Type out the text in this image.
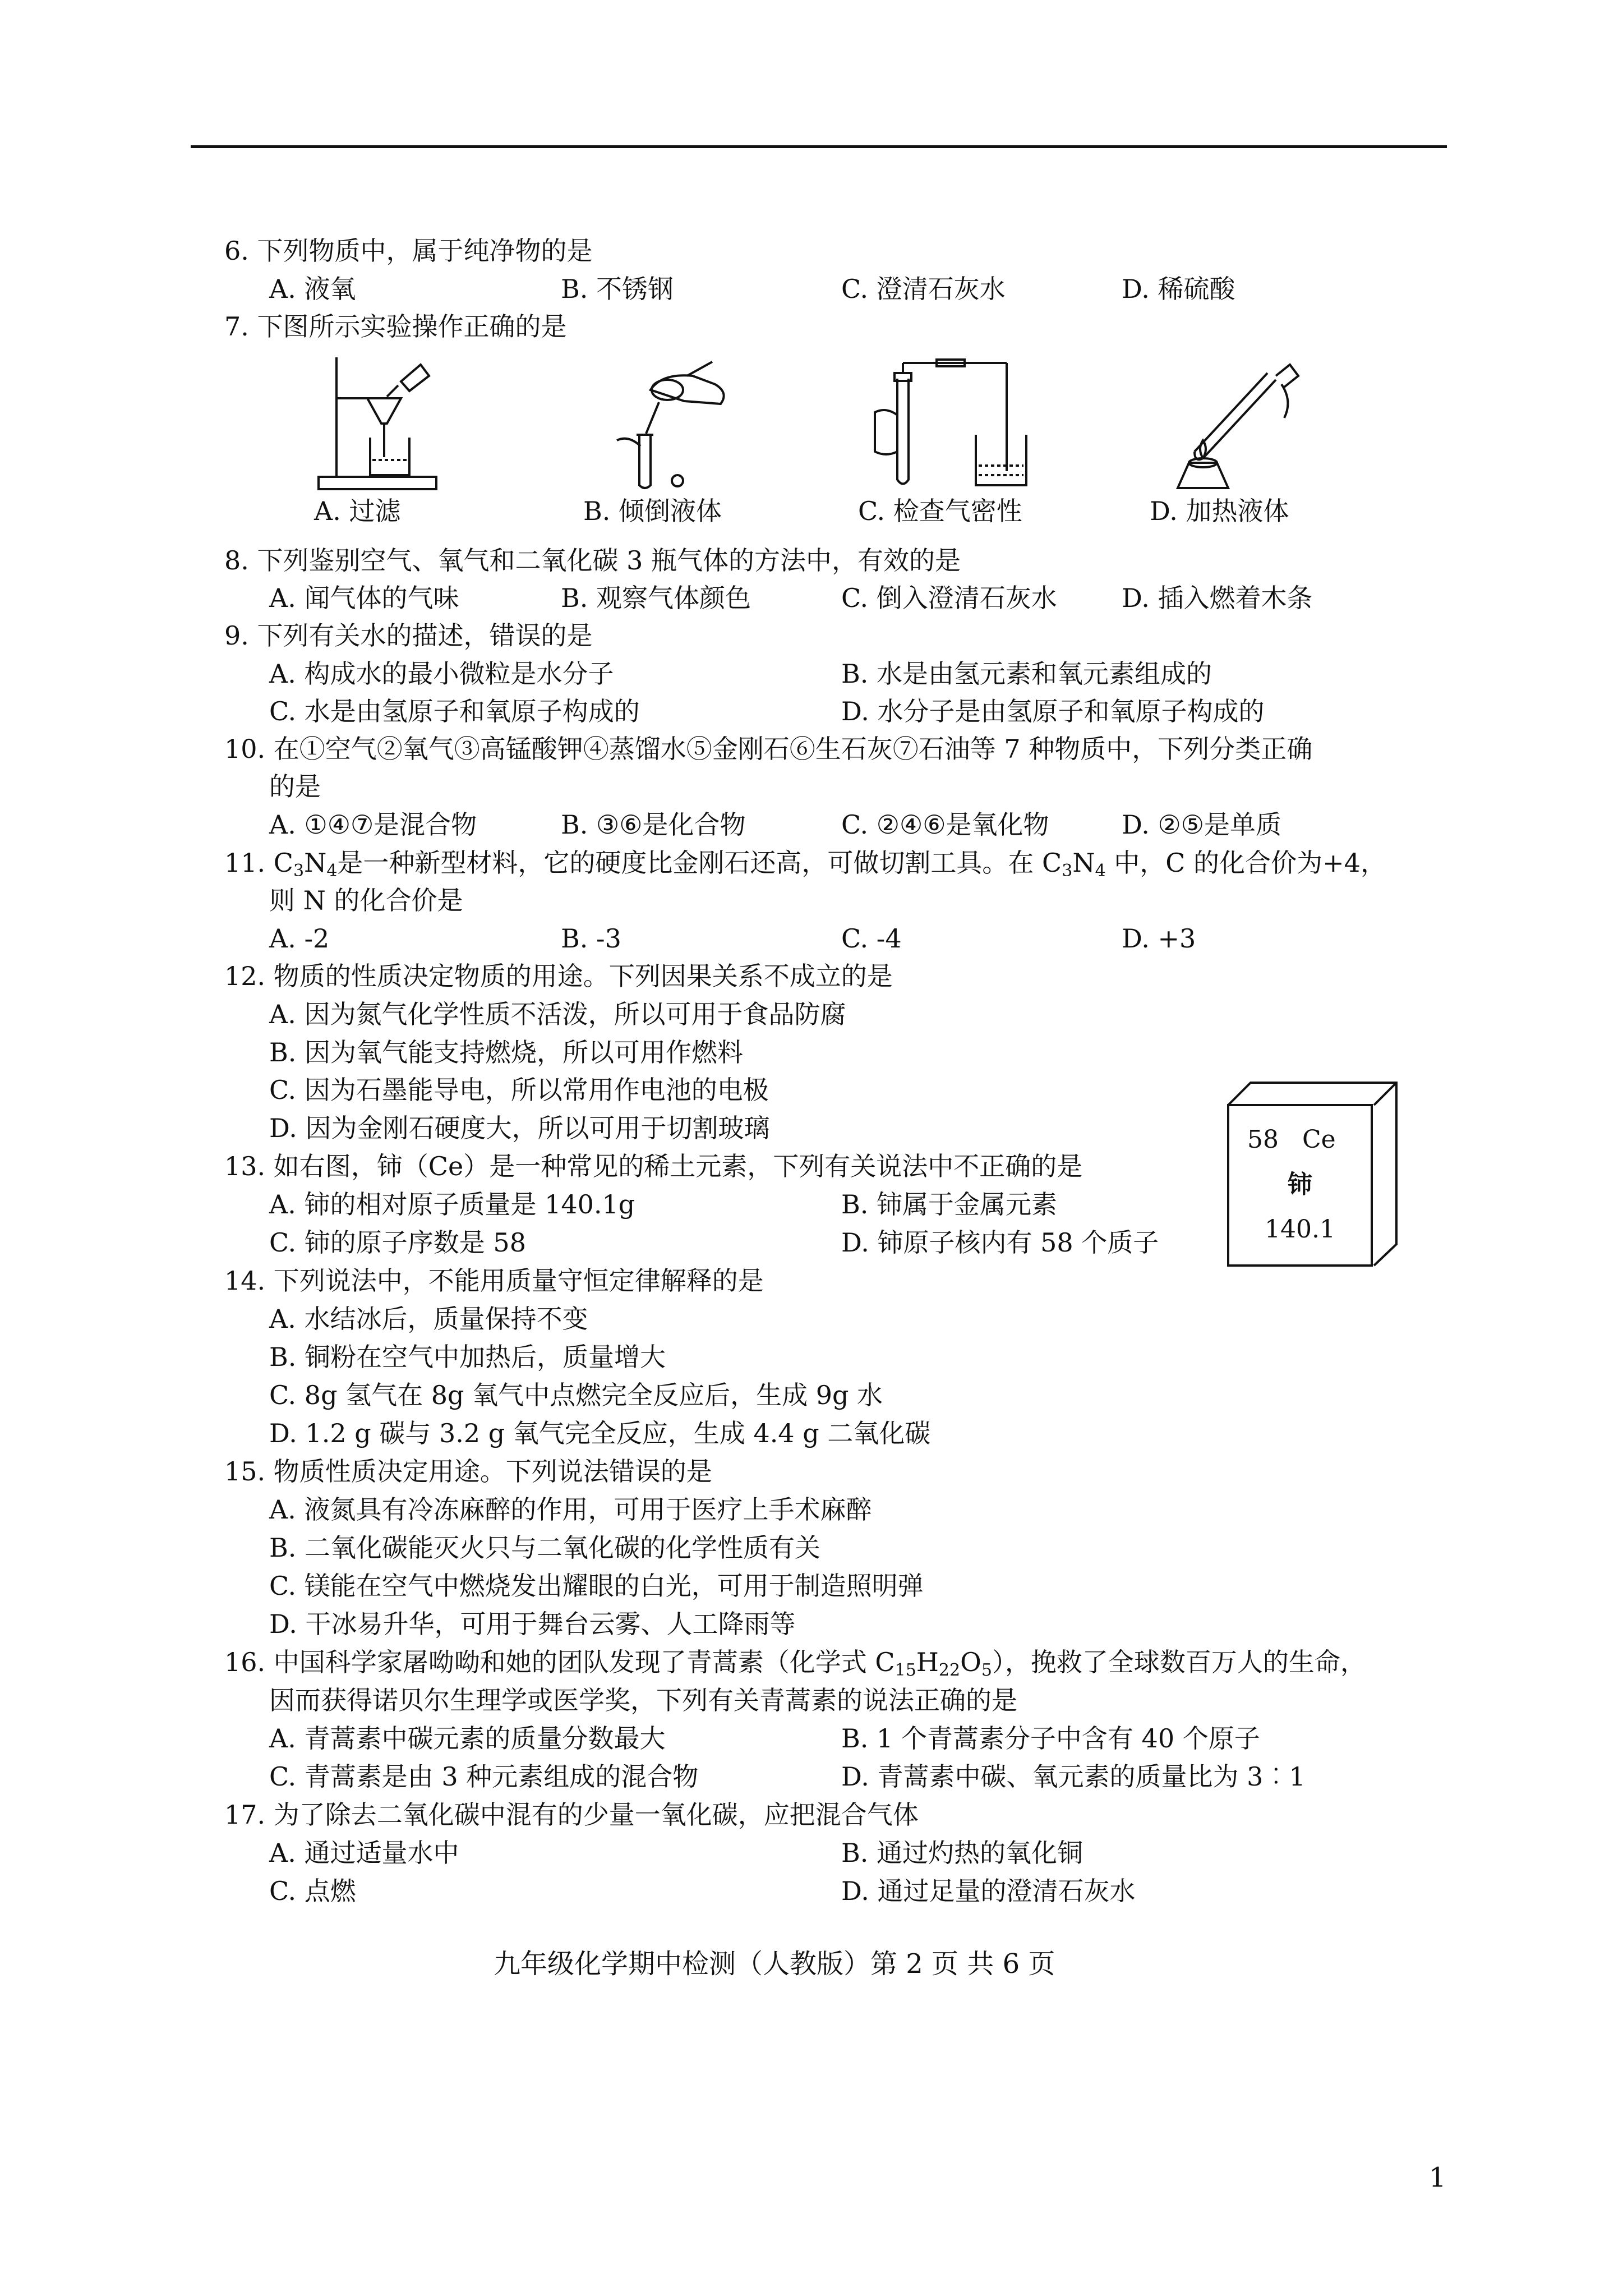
6. 下列物质中，属于纯净物的是
A. 液氧	B. 不锈钢	C. 澄清石灰水	D. 稀硫酸
7. 下图所示实验操作正确的是
A. 过滤	B. 倾倒液体	C. 检查气密性	D. 加热液体
8. 下列鉴别空气、氧气和二氧化碳 3 瓶气体的方法中，有效的是
A. 闻气体的气味	B. 观察气体颜色	C. 倒入澄清石灰水	D. 插入燃着木条
9. 下列有关水的描述，错误的是
A. 构成水的最小微粒是水分子	B. 水是由氢元素和氧元素组成的
C. 水是由氢原子和氧原子构成的	D. 水分子是由氢原子和氧原子构成的
10. 在①空气②氧气③高锰酸钾④蒸馏水⑤金刚石⑥生石灰⑦石油等 7 种物质中，下列分类正确
的是
A. ①④⑦是混合物	B. ③⑥是化合物	C. ②④⑥是氧化物	D. ②⑤是单质
11. $C_3N_4$是一种新型材料，它的硬度比金刚石还高，可做切割工具。在 $C_3N_4$ 中，C 的化合价为+4，
则 N 的化合价是
A. -2	B. -3	C. -4	D. +3
12. 物质的性质决定物质的用途。下列因果关系不成立的是
A. 因为氮气化学性质不活泼，所以可用于食品防腐
B. 因为氧气能支持燃烧，所以可用作燃料
C. 因为石墨能导电，所以常用作电池的电极
D. 因为金刚石硬度大，所以可用于切割玻璃
13. 如右图，铈（Ce）是一种常见的稀土元素，下列有关说法中不正确的是
A. 铈的相对原子质量是 140.1g	B. 铈属于金属元素
C. 铈的原子序数是 58	D. 铈原子核内有 58 个质子
58 Ce
铈
140.1
14. 下列说法中，不能用质量守恒定律解释的是
A. 水结冰后，质量保持不变
B. 铜粉在空气中加热后，质量增大
C. 8g 氢气在 8g 氧气中点燃完全反应后，生成 9g 水
D. 1.2 g 碳与 3.2 g 氧气完全反应，生成 4.4 g 二氧化碳
15. 物质性质决定用途。下列说法错误的是
A. 液氮具有冷冻麻醉的作用，可用于医疗上手术麻醉
B. 二氧化碳能灭火只与二氧化碳的化学性质有关
C. 镁能在空气中燃烧发出耀眼的白光，可用于制造照明弹
D. 干冰易升华，可用于舞台云雾、人工降雨等
16. 中国科学家屠呦呦和她的团队发现了青蒿素（化学式 $C_{15}H_{22}O_5$），挽救了全球数百万人的生命，
因而获得诺贝尔生理学或医学奖，下列有关青蒿素的说法正确的是
A. 青蒿素中碳元素的质量分数最大	B. 1 个青蒿素分子中含有 40 个原子
C. 青蒿素是由 3 种元素组成的混合物	D. 青蒿素中碳、氧元素的质量比为 3︰1
17. 为了除去二氧化碳中混有的少量一氧化碳，应把混合气体
A. 通过适量水中	B. 通过灼热的氧化铜
C. 点燃	D. 通过足量的澄清石灰水
九年级化学期中检测（人教版）第 2 页 共 6 页
1
